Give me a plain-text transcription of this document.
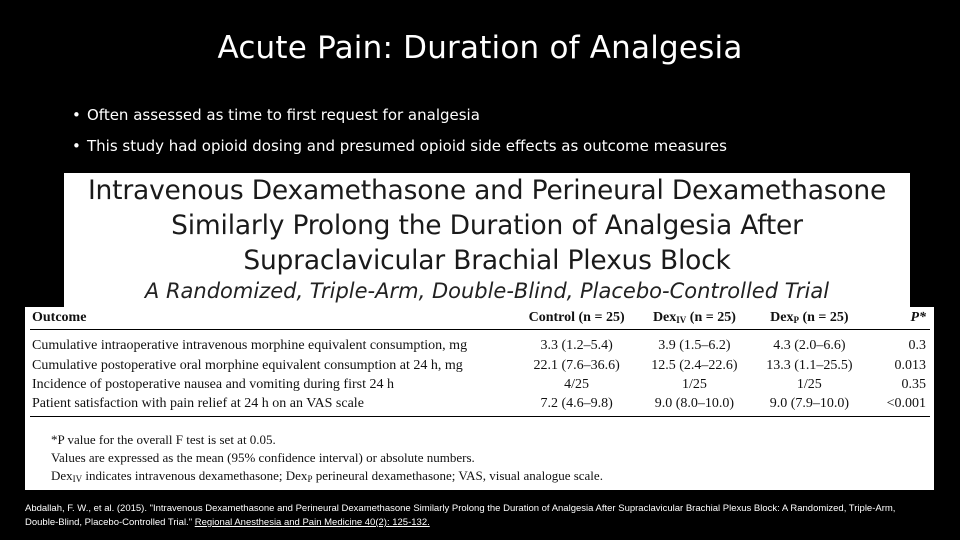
Acute Pain: Duration of Analgesia
• Often assessed as time to first request for analgesia
• This study had opioid dosing and presumed opioid side effects as outcome measures
Intravenous Dexamethasone and Perineural Dexamethasone
Similarly Prolong the Duration of Analgesia After
Supraclavicular Brachial Plexus Block
A Randomized, Triple-Arm, Double-Blind, Placebo-Controlled Trial
Outcome	Control (n = 25)	Dex$_{IV}$ (n = 25)	Dex$_P$ (n = 25)	P*
Cumulative intraoperative intravenous morphine equivalent consumption, mg	3.3 (1.2–5.4)	3.9 (1.5–6.2)	4.3 (2.0–6.6)	0.3
Cumulative postoperative oral morphine equivalent consumption at 24 h, mg	22.1 (7.6–36.6)	12.5 (2.4–22.6)	13.3 (1.1–25.5)	0.013
Incidence of postoperative nausea and vomiting during first 24 h	4/25	1/25	1/25	0.35
Patient satisfaction with pain relief at 24 h on an VAS scale	7.2 (4.6–9.8)	9.0 (8.0–10.0)	9.0 (7.9–10.0)	<0.001
*P value for the overall F test is set at 0.05.
Values are expressed as the mean (95% confidence interval) or absolute numbers.
Dex$_{IV}$ indicates intravenous dexamethasone; Dex$_P$ perineural dexamethasone; VAS, visual analogue scale.
Abdallah, F. W., et al. (2015). "Intravenous Dexamethasone and Perineural Dexamethasone Similarly Prolong the Duration of Analgesia After Supraclavicular Brachial Plexus Block: A Randomized, Triple-Arm, Double-Blind, Placebo-Controlled Trial." Regional Anesthesia and Pain Medicine 40(2): 125-132.
